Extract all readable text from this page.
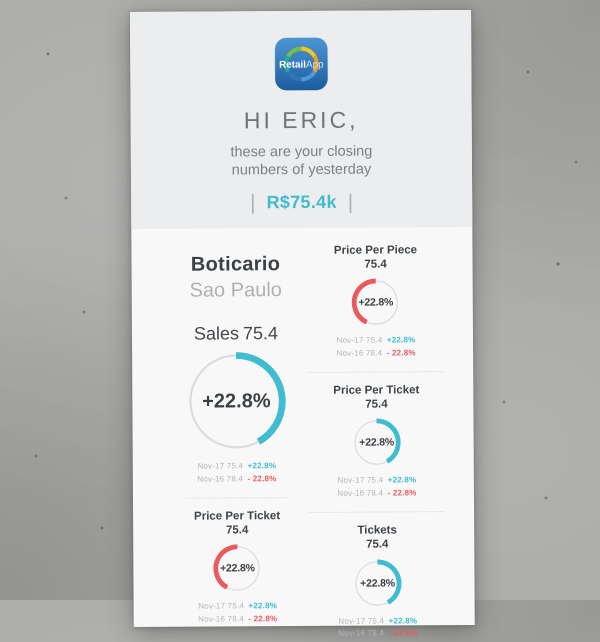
RetailApp
HI ERIC,
these are your closing
numbers of yesterday
| R$75.4k |
Boticario
Sao Paulo
Sales 75.4
+22.8%
Nov-17 75.4 +22.8%
Nov-16 78.4 - 22.8%
Price Per Ticket
75.4
+22.8%
Nov-17 75.4 +22.8%
Nov-16 78.4 - 22.8%
Price Per Piece
75.4
+22.8%
Nov-17 75.4 +22.8%
Nov-16 78.4 - 22.8%
Price Per Ticket
75.4
+22.8%
Nov-17 75.4 +22.8%
Nov-16 78.4 - 22.8%
Tickets
75.4
+22.8%
Nov-17 75.4 +22.8%
Nov-16 78.4 - 22.8%
